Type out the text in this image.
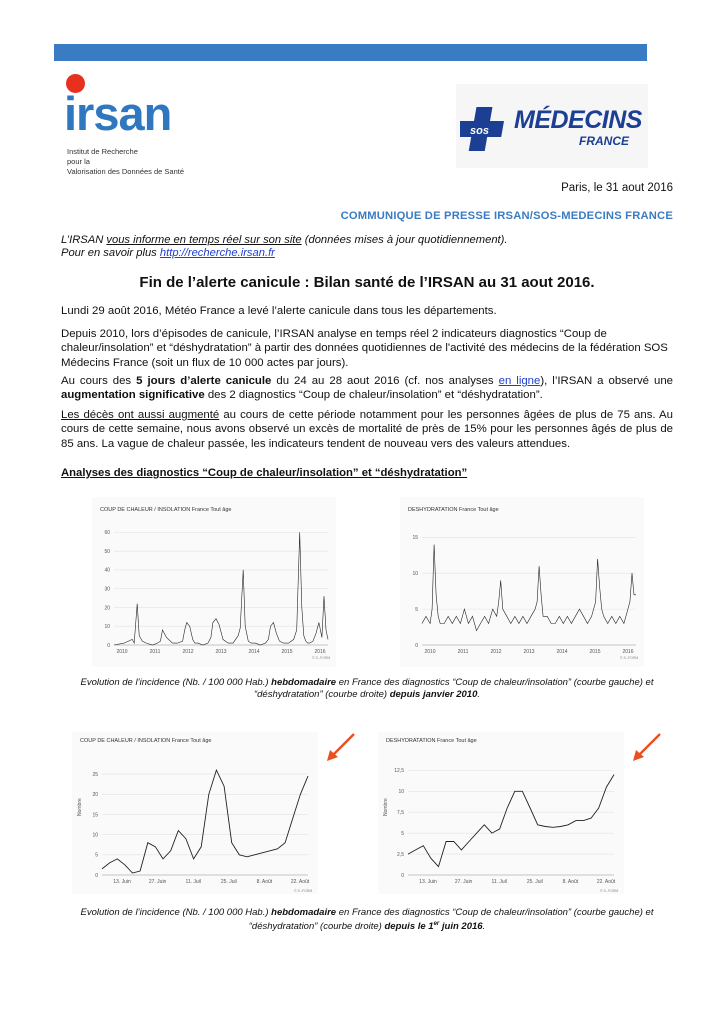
irsan
Institut de Recherche
pour la
Valorisation des Données de Santé
sos MÉDECINS
FRANCE
Paris, le 31 aout 2016
COMMUNIQUE DE PRESSE IRSAN/SOS-MEDECINS FRANCE
L’IRSAN vous informe en temps réel sur son site (données mises à jour quotidiennement).
Pour en savoir plus http://recherche.irsan.fr
Fin de l’alerte canicule : Bilan santé de l’IRSAN au 31 aout 2016.
Lundi 29 août 2016, Météo France a levé l’alerte canicule dans tous les départements.
Depuis 2010, lors d’épisodes de canicule, l’IRSAN analyse en temps réel 2 indicateurs diagnostics “Coup de chaleur/insolation” et “déshydratation” à partir des données quotidiennes de l'activité des médecins de la fédération SOS Médecins France (soit un flux de 10 000 actes par jours).
Au cours des 5 jours d’alerte canicule du 24 au 28 aout 2016 (cf. nos analyses en ligne), l’IRSAN a observé une augmentation significative des 2 diagnostics “Coup de chaleur/insolation” et “déshydratation”.
Les décès ont aussi augmenté au cours de cette période notamment pour les personnes âgées de plus de 75 ans. Au cours de cette semaine, nous avons observé un excès de mortalité de près de 15% pour les personnes âgés de plus de 85 ans. La vague de chaleur passée, les indicateurs tendent de nouveau vers des valeurs attendues.
Analyses des diagnostics “Coup de chaleur/insolation” et “déshydratation”
COUP DE CHALEUR / INSOLATION France Tout âge
0
10
20
30
40
50
60
2010	2011	2012	2013	2014	2015	2016
© S.-FORM
DESHYDRATATION France Tout âge
0
5
10
15
2010	2011	2012	2013	2014	2015	2016
© S.-FORM
Evolution de l’incidence (Nb. / 100 000 Hab.) hebdomadaire en France des diagnostics “Coup de chaleur/insolation” (courbe gauche) et “déshydratation” (courbe droite) depuis janvier 2010.
COUP DE CHALEUR / INSOLATION France Tout âge
Nombre
0
5
10
15
20
25
13. Juin	27. Juin	11. Juil	25. Juil	8. Août	22. Août
© S.-FORM
DESHYDRATATION France Tout âge
Nombre
0
2,5
5
7,5
10
12,5
13. Juin	27. Juin	11. Juil	25. Juil	8. Août	22. Août
© S.-FORM
Evolution de l’incidence (Nb. / 100 000 Hab.) hebdomadaire en France des diagnostics “Coup de chaleur/insolation” (courbe gauche) et “déshydratation” (courbe droite) depuis le 1er juin 2016.
